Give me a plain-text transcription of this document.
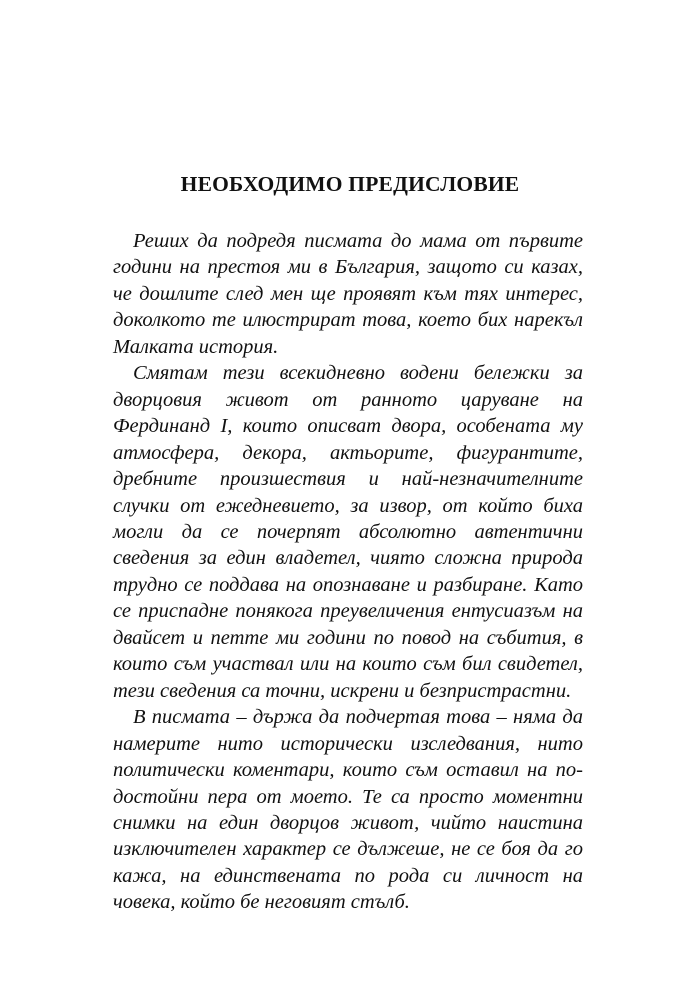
НЕОБХОДИМО ПРЕДИСЛОВИЕ

Реших да подредя писмата до мама от първите
години на престоя ми в България, защото си казах,
че дошлите след мен ще проявят към тях интерес,
доколкото те илюстрират това, което бих нарекъл
Малката история.

Смятам тези всекидневно водени бележки за
дворцовия живот от ранното царуване на
Фердинанд I, които описват двора, особената му
атмосфера, декора, актьорите, фигурантите,
дребните произшествия и най-незначителните
случки от ежедневието, за извор, от който биха
могли да се почерпят абсолютно автентични
сведения за един владетел, чиято сложна природа
трудно се поддава на опознаване и разбиране. Като
се приспадне понякога преувеличения ентусиазъм на
двайсет и петте ми години по повод на събития, в
които съм участвал или на които съм бил свидетел,
тези сведения са точни, искрени и безпристрастни.

В писмата – държа да подчертая това – няма да
намерите нито исторически изследвания, нито
политически коментари, които съм оставил на по-
достойни пера от моето. Те са просто моментни
снимки на един дворцов живот, чийто наистина
изключителен характер се дължеше, не се боя да го
кажа, на единствената по рода си личност на
човека, който бе неговият стълб.
